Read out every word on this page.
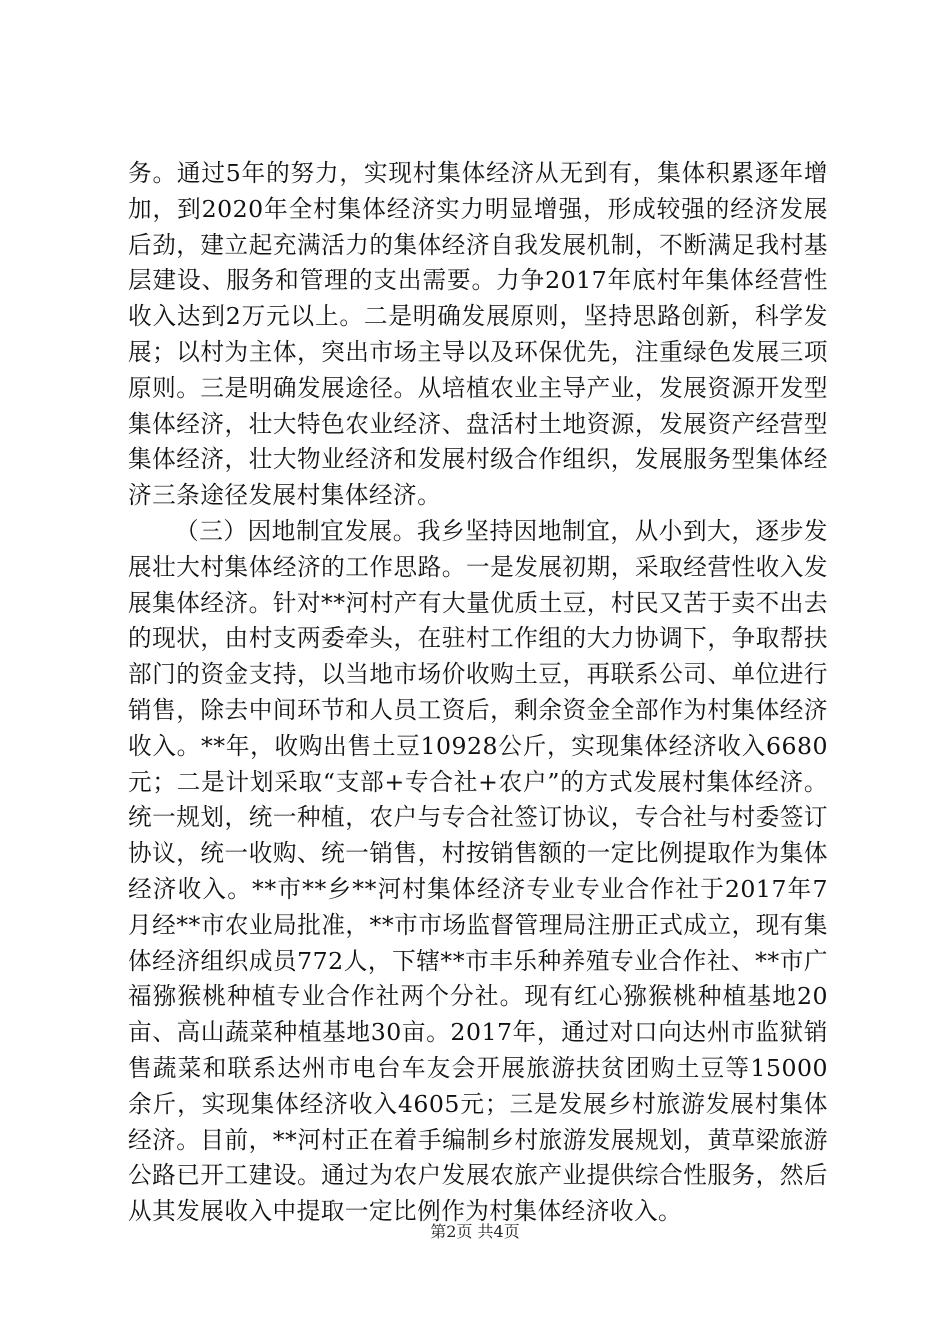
务。通过5年的努力，实现村集体经济从无到有，集体积累逐年增加，到2020年全村集体经济实力明显增强，形成较强的经济发展后劲，建立起充满活力的集体经济自我发展机制，不断满足我村基层建设、服务和管理的支出需要。力争2017年底村年集体经营性收入达到2万元以上。二是明确发展原则，坚持思路创新，科学发展；以村为主体，突出市场主导以及环保优先，注重绿色发展三项原则。三是明确发展途径。从培植农业主导产业，发展资源开发型集体经济，壮大特色农业经济、盘活村土地资源，发展资产经营型集体经济，壮大物业经济和发展村级合作组织，发展服务型集体经济三条途径发展村集体经济。

（三）因地制宜发展。我乡坚持因地制宜，从小到大，逐步发展壮大村集体经济的工作思路。一是发展初期，采取经营性收入发展集体经济。针对**河村产有大量优质土豆，村民又苦于卖不出去的现状，由村支两委牵头，在驻村工作组的大力协调下，争取帮扶部门的资金支持，以当地市场价收购土豆，再联系公司、单位进行销售，除去中间环节和人员工资后，剩余资金全部作为村集体经济收入。**年，收购出售土豆10928公斤，实现集体经济收入6680元；二是计划采取“支部+专合社+农户”的方式发展村集体经济。统一规划，统一种植，农户与专合社签订协议，专合社与村委签订协议，统一收购、统一销售，村按销售额的一定比例提取作为集体经济收入。**市**乡**河村集体经济专业专业合作社于2017年7月经**市农业局批准，**市市场监督管理局注册正式成立，现有集体经济组织成员772人，下辖**市丰乐种养殖专业合作社、**市广福猕猴桃种植专业合作社两个分社。现有红心猕猴桃种植基地20亩、高山蔬菜种植基地30亩。2017年，通过对口向达州市监狱销售蔬菜和联系达州市电台车友会开展旅游扶贫团购土豆等15000余斤，实现集体经济收入4605元；三是发展乡村旅游发展村集体经济。目前，**河村正在着手编制乡村旅游发展规划，黄草梁旅游公路已开工建设。通过为农户发展农旅产业提供综合性服务，然后从其发展收入中提取一定比例作为村集体经济收入。

第2页 共4页
